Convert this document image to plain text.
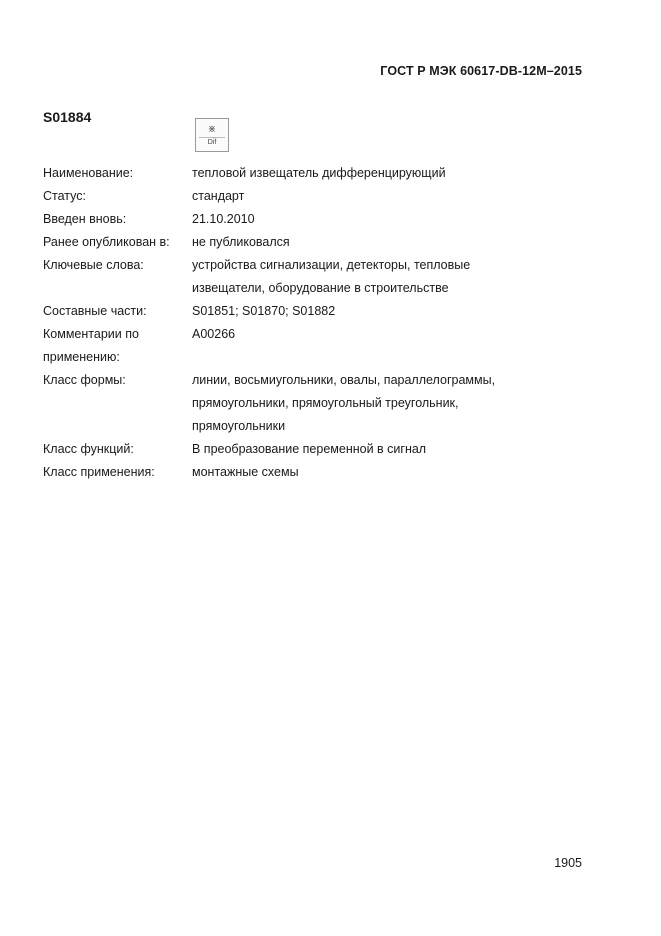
ГОСТ Р МЭК 60617-DB-12M–2015
S01884
⋇
Dif
Наименование:	тепловой извещатель дифференцирующий
Статус:	стандарт
Введен вновь:	21.10.2010
Ранее опубликован в:	не публиковался
Ключевые слова:	устройства сигнализации, детекторы, тепловые
извещатели, оборудование в строительстве
Составные части:	S01851; S01870; S01882
Комментарии по
применению:
A00266
Класс формы:	линии, восьмиугольники, овалы, параллелограммы,
прямоугольники, прямоугольный треугольник,
прямоугольники
Класс функций:	В преобразование переменной в сигнал
Класс применения:	монтажные схемы
1905
